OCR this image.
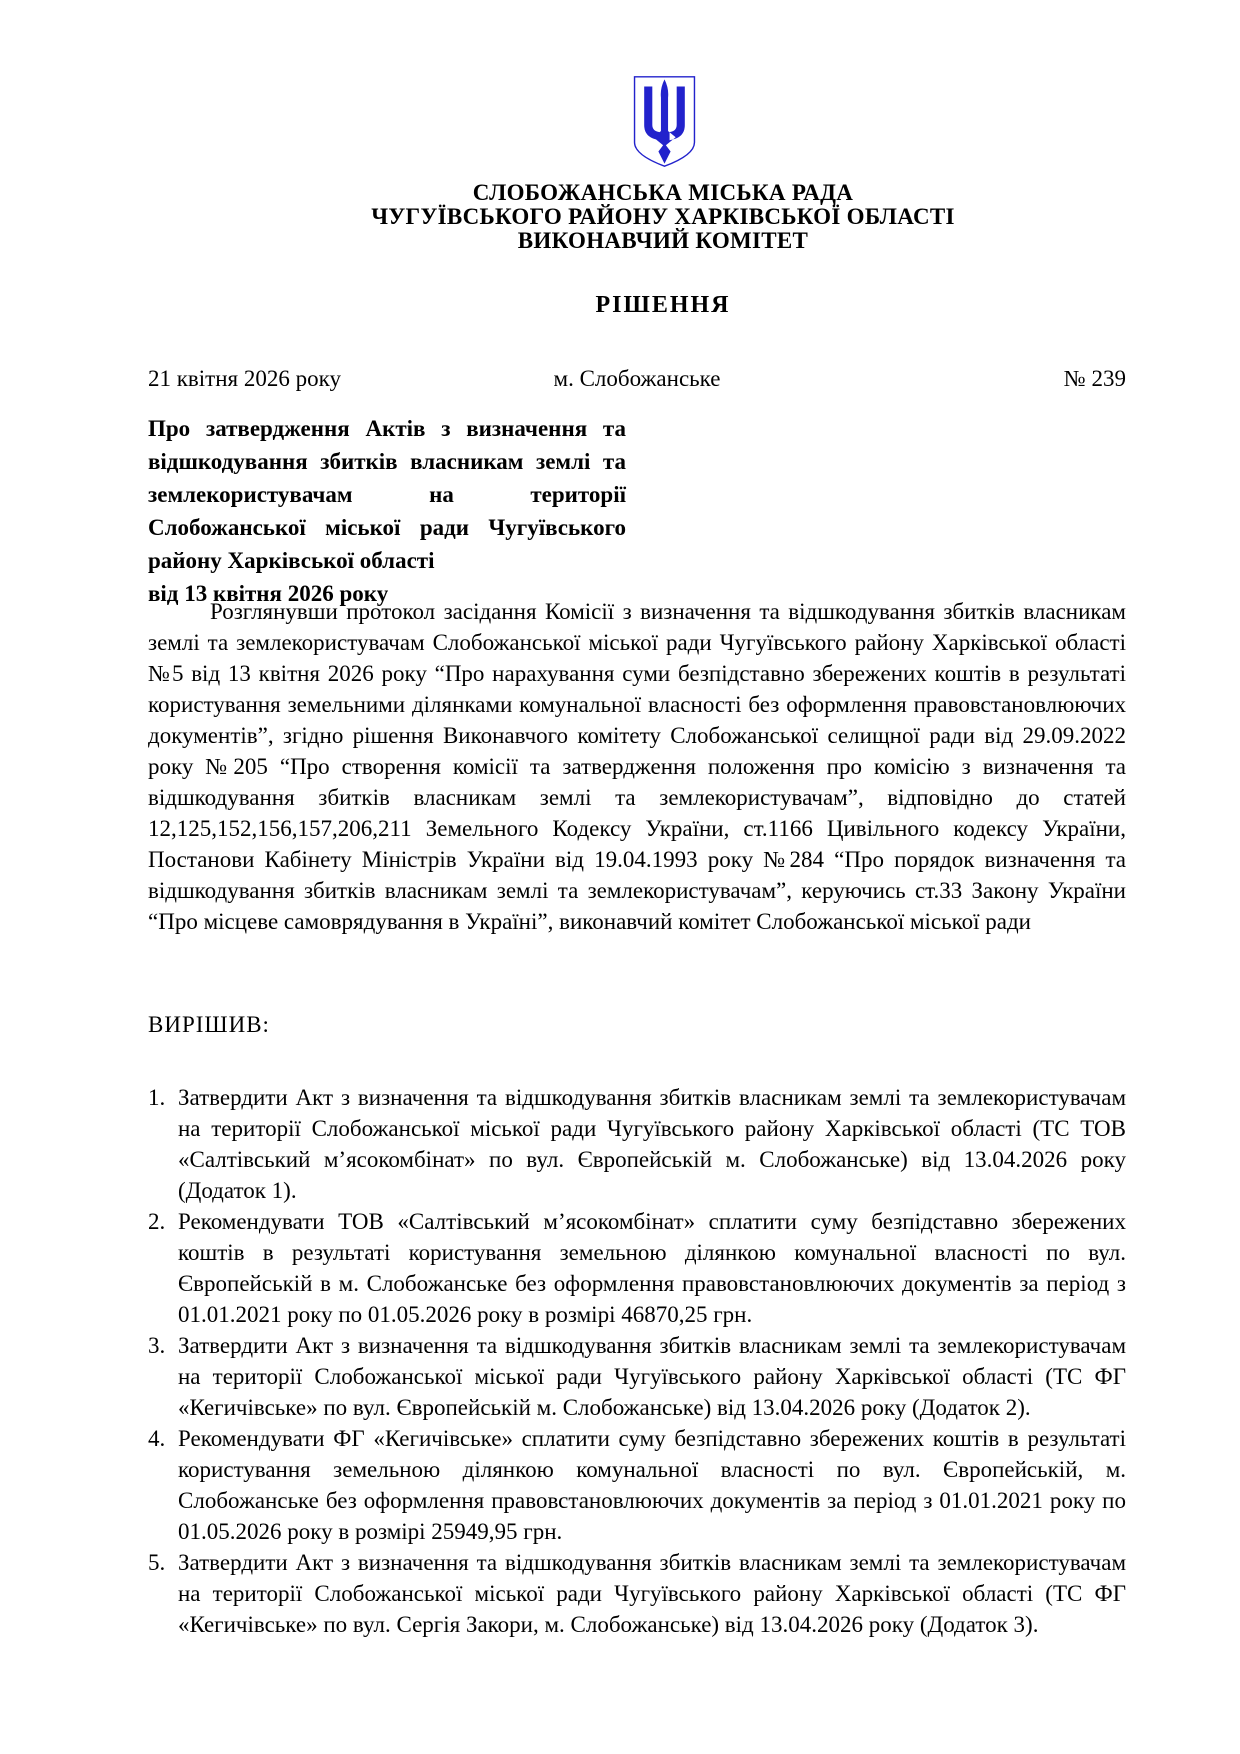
СЛОБОЖАНСЬКА МІСЬКА РАДА
ЧУГУЇВСЬКОГО РАЙОНУ ХАРКІВСЬКОЇ ОБЛАСТІ
ВИКОНАВЧИЙ КОМІТЕТ
РІШЕННЯ
21 квітня 2026 року	м. Слобожанське	№ 239
Про затвердження Актів з визначення та
відшкодування збитків власникам землі та
землекористувачам на території
Слобожанської міської ради Чугуївського
району Харківської області
від 13 квітня 2026 року
Розглянувши протокол засідання Комісії з визначення та відшкодування збитків власникам землі та землекористувачам Слобожанської міської ради Чугуївського району Харківської області №5 від 13 квітня 2026 року “Про нарахування суми безпідставно збережених коштів в результаті користування земельними ділянками комунальної власності без оформлення правовстановлюючих документів”, згідно рішення Виконавчого комітету Слобожанської селищної ради від 29.09.2022 року №205 “Про створення комісії та затвердження положення про комісію з визначення та відшкодування збитків власникам землі та землекористувачам”, відповідно до статей 12,125,152,156,157,206,211 Земельного Кодексу України, ст.1166 Цивільного кодексу України, Постанови Кабінету Міністрів України від 19.04.1993 року №284 “Про порядок визначення та відшкодування збитків власникам землі та землекористувачам”, керуючись ст.33 Закону України “Про місцеве самоврядування в Україні”, виконавчий комітет Слобожанської міської ради
ВИРІШИВ:
1. Затвердити Акт з визначення та відшкодування збитків власникам землі та землекористувачам на території Слобожанської міської ради Чугуївського району Харківської області (ТС ТОВ «Салтівський м’ясокомбінат» по вул. Європейській м. Слобожанське) від 13.04.2026 року (Додаток 1).
2. Рекомендувати ТОВ «Салтівський м’ясокомбінат» сплатити суму безпідставно збережених коштів в результаті користування земельною ділянкою комунальної власності по вул. Європейській в м. Слобожанське без оформлення правовстановлюючих документів за період з 01.01.2021 року по 01.05.2026 року в розмірі 46870,25 грн.
3. Затвердити Акт з визначення та відшкодування збитків власникам землі та землекористувачам на території Слобожанської міської ради Чугуївського району Харківської області (ТС ФГ «Кегичівське» по вул. Європейській м. Слобожанське) від 13.04.2026 року (Додаток 2).
4. Рекомендувати ФГ «Кегичівське» сплатити суму безпідставно збережених коштів в результаті користування земельною ділянкою комунальної власності по вул. Європейській, м. Слобожанське без оформлення правовстановлюючих документів за період з 01.01.2021 року по 01.05.2026 року в розмірі 25949,95 грн.
5. Затвердити Акт з визначення та відшкодування збитків власникам землі та землекористувачам на території Слобожанської міської ради Чугуївського району Харківської області (ТС ФГ «Кегичівське» по вул. Сергія Закори, м. Слобожанське) від 13.04.2026 року (Додаток 3).
